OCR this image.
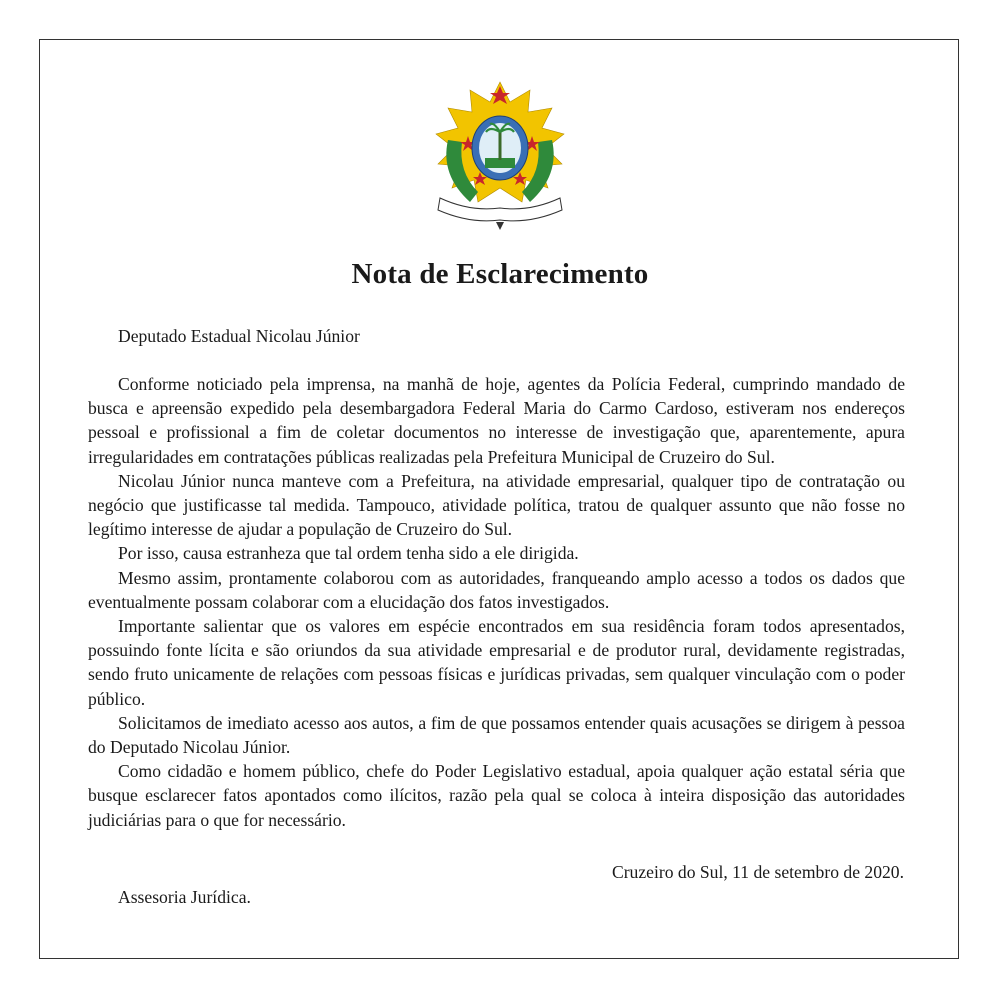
Nota de Esclarecimento
Deputado Estadual Nicolau Júnior

Conforme noticiado pela imprensa, na manhã de hoje, agentes da Polícia Federal, cumprindo mandado de busca e apreensão expedido pela desembargadora Federal Maria do Carmo Cardoso, estiveram nos endereços pessoal e profissional a fim de coletar documentos no interesse de investigação que, aparentemente, apura irregularidades em contratações públicas realizadas pela Prefeitura Municipal de Cruzeiro do Sul.

Nicolau Júnior nunca manteve com a Prefeitura, na atividade empresarial, qualquer tipo de contratação ou negócio que justificasse tal medida. Tampouco, atividade política, tratou de qualquer assunto que não fosse no legítimo interesse de ajudar a população de Cruzeiro do Sul.

Por isso, causa estranheza que tal ordem tenha sido a ele dirigida.

Mesmo assim, prontamente colaborou com as autoridades, franqueando amplo acesso a todos os dados que eventualmente possam colaborar com a elucidação dos fatos investigados.

Importante salientar que os valores em espécie encontrados em sua residência foram todos apresentados, possuindo fonte lícita e são oriundos da sua atividade empresarial e de produtor rural, devidamente registradas, sendo fruto unicamente de relações com pessoas físicas e jurídicas privadas, sem qualquer vinculação com o poder público.

Solicitamos de imediato acesso aos autos, a fim de que possamos entender quais acusações se dirigem à pessoa do Deputado Nicolau Júnior.

Como cidadão e homem público, chefe do Poder Legislativo estadual, apoia qualquer ação estatal séria que busque esclarecer fatos apontados como ilícitos, razão pela qual se coloca à inteira disposição das autoridades judiciárias para o que for necessário.

Cruzeiro do Sul, 11 de setembro de 2020.
Assesoria Jurídica.
